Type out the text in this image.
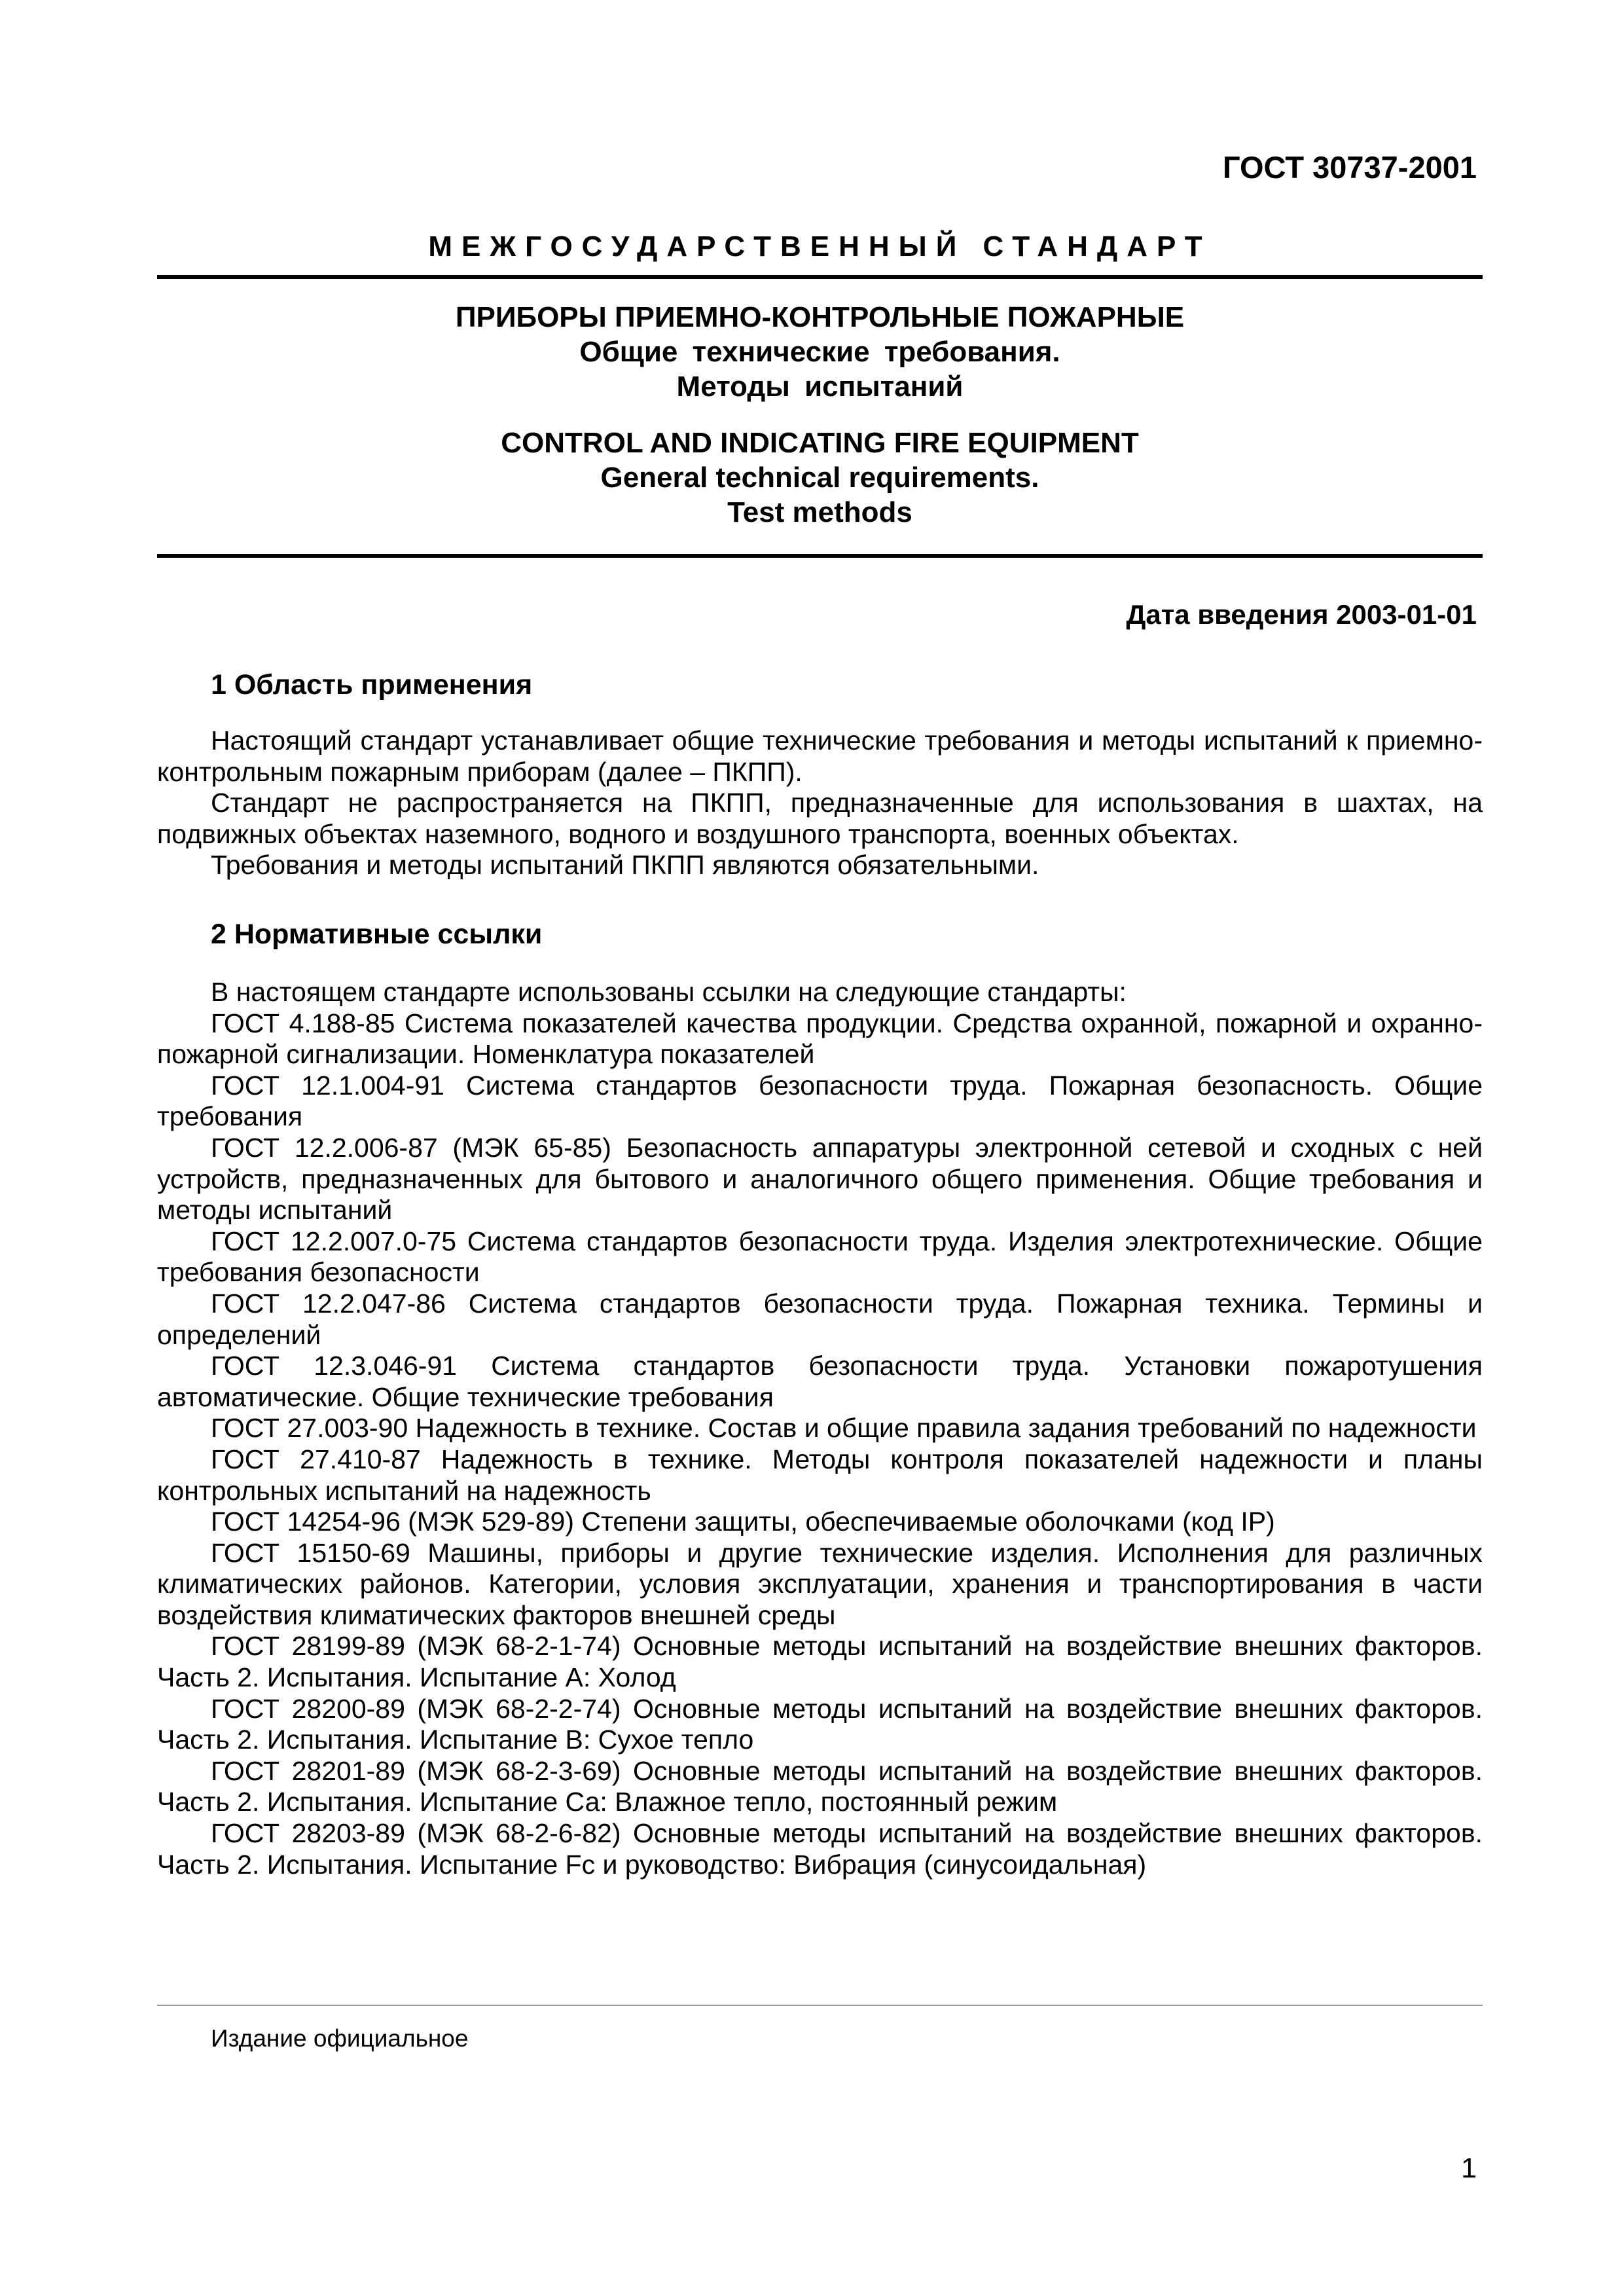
ГОСТ 30737-2001
МЕЖГОСУДАРСТВЕННЫЙ СТАНДАРТ
ПРИБОРЫ ПРИЕМНО-КОНТРОЛЬНЫЕ ПОЖАРНЫЕ
Общие технические требования.
Методы испытаний
CONTROL AND INDICATING FIRE EQUIPMENT
General technical requirements.
Test methods
Дата введения 2003-01-01
1 Область применения

Настоящий стандарт устанавливает общие технические требования и методы испытаний к приемно-контрольным пожарным приборам (далее – ПКПП).

Стандарт не распространяется на ПКПП, предназначенные для использования в шахтах, на подвижных объектах наземного, водного и воздушного транспорта, военных объектах.

Требования и методы испытаний ПКПП являются обязательными.

2 Нормативные ссылки

В настоящем стандарте использованы ссылки на следующие стандарты:

ГОСТ 4.188-85 Система показателей качества продукции. Средства охранной, пожарной и охранно-пожарной сигнализации. Номенклатура показателей

ГОСТ 12.1.004-91 Система стандартов безопасности труда. Пожарная безопасность. Общие требования

ГОСТ 12.2.006-87 (МЭК 65-85) Безопасность аппаратуры электронной сетевой и сходных с ней устройств, предназначенных для бытового и аналогичного общего применения. Общие требования и методы испытаний

ГОСТ 12.2.007.0-75 Система стандартов безопасности труда. Изделия электротехнические. Общие требования безопасности

ГОСТ 12.2.047-86 Система стандартов безопасности труда. Пожарная техника. Термины и определений

ГОСТ 12.3.046-91 Система стандартов безопасности труда. Установки пожаротушения автоматические. Общие технические требования

ГОСТ 27.003-90 Надежность в технике. Состав и общие правила задания требований по надежности

ГОСТ 27.410-87 Надежность в технике. Методы контроля показателей надежности и планы контрольных испытаний на надежность

ГОСТ 14254-96 (МЭК 529-89) Степени защиты, обеспечиваемые оболочками (код IP)

ГОСТ 15150-69 Машины, приборы и другие технические изделия. Исполнения для различных климатических районов. Категории, условия эксплуатации, хранения и транспортирования в части воздействия климатических факторов внешней среды

ГОСТ 28199-89 (МЭК 68-2-1-74) Основные методы испытаний на воздействие внешних факторов. Часть 2. Испытания. Испытание А: Холод

ГОСТ 28200-89 (МЭК 68-2-2-74) Основные методы испытаний на воздействие внешних факторов. Часть 2. Испытания. Испытание В: Сухое тепло

ГОСТ 28201-89 (МЭК 68-2-3-69) Основные методы испытаний на воздействие внешних факторов. Часть 2. Испытания. Испытание Са: Влажное тепло, постоянный режим

ГОСТ 28203-89 (МЭК 68-2-6-82) Основные методы испытаний на воздействие внешних факторов. Часть 2. Испытания. Испытание Fc и руководство: Вибрация (синусоидальная)

Издание официальное
1
